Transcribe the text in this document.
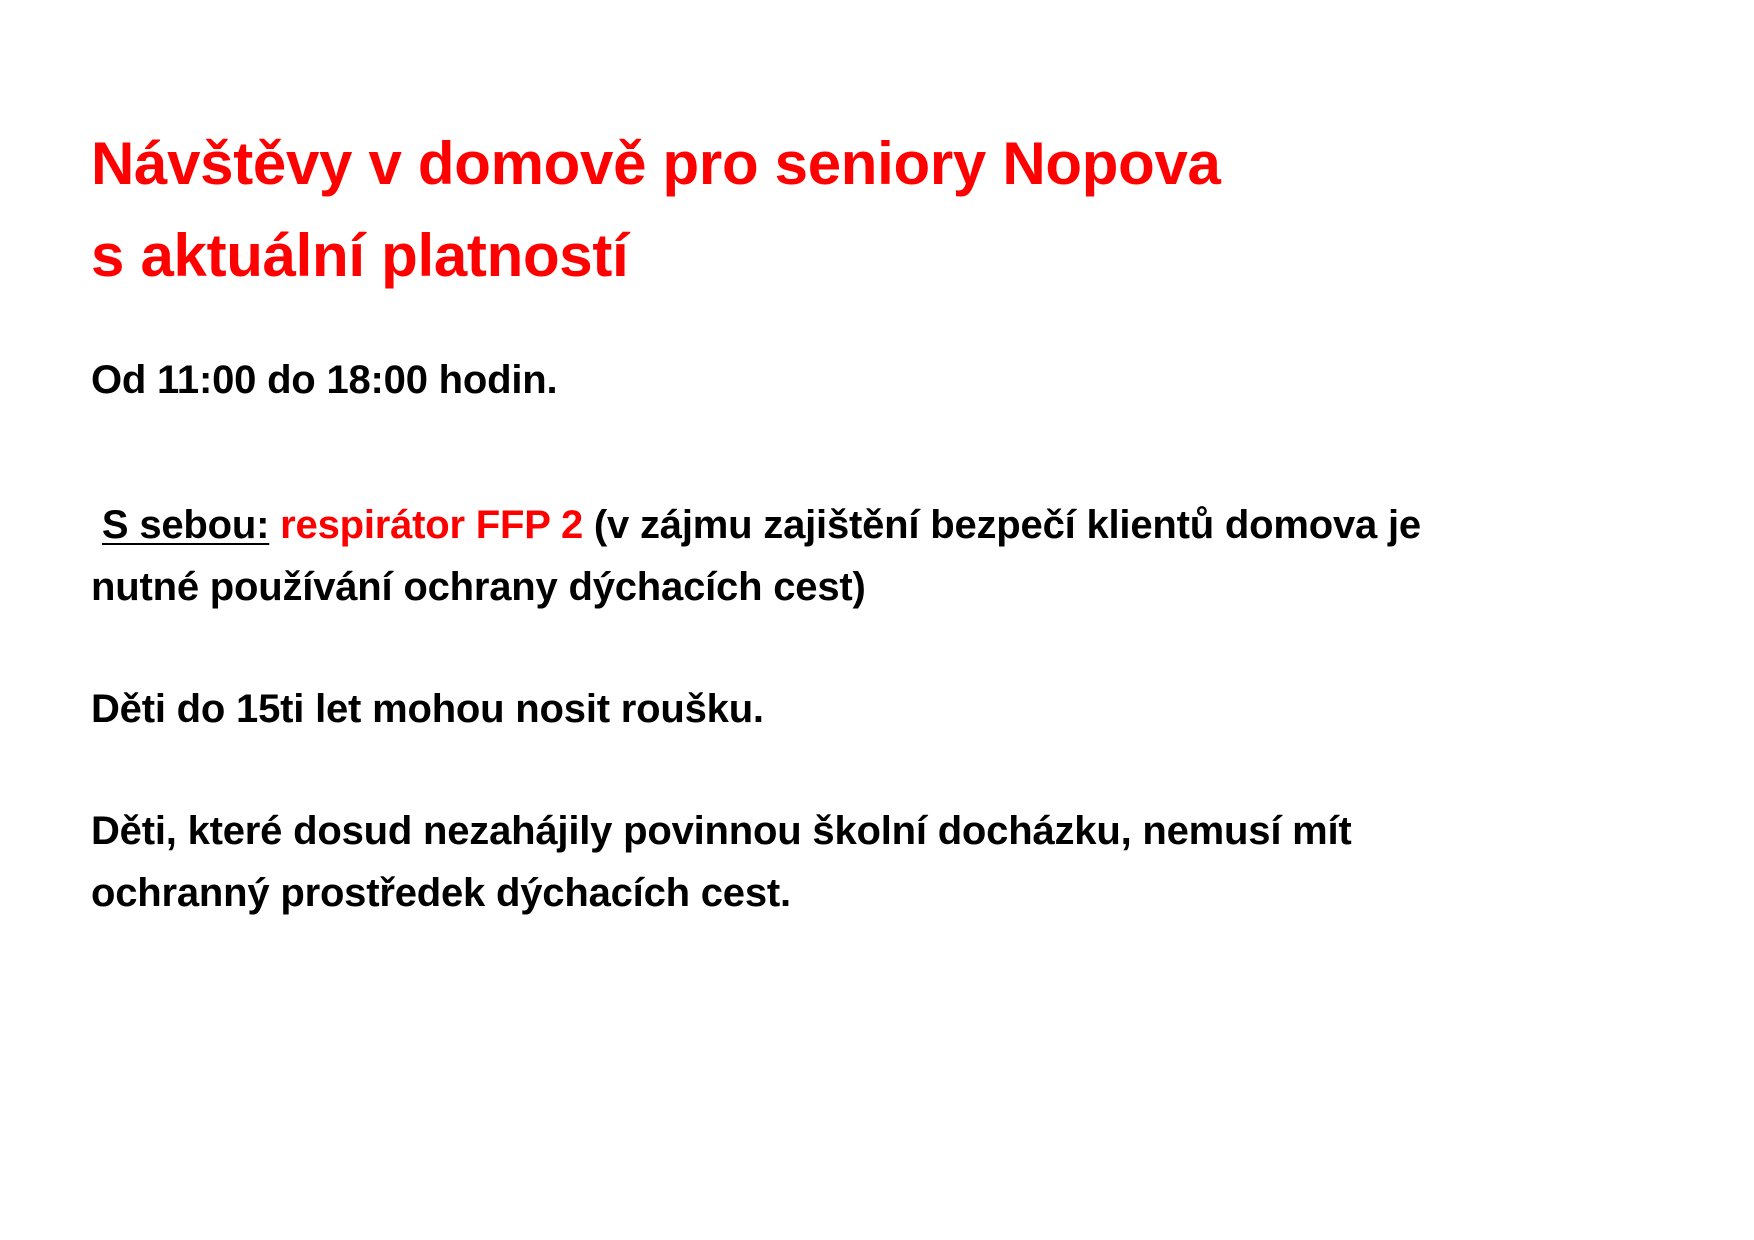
Návštěvy v domově pro seniory Nopova
s aktuální platností

Od 11:00 do 18:00 hodin.

S sebou: respirátor FFP 2 (v zájmu zajištění bezpečí klientů domova je

nutné používání ochrany dýchacích cest)

Děti do 15ti let mohou nosit roušku.

Děti, které dosud nezahájily povinnou školní docházku, nemusí mít

ochranný prostředek dýchacích cest.
